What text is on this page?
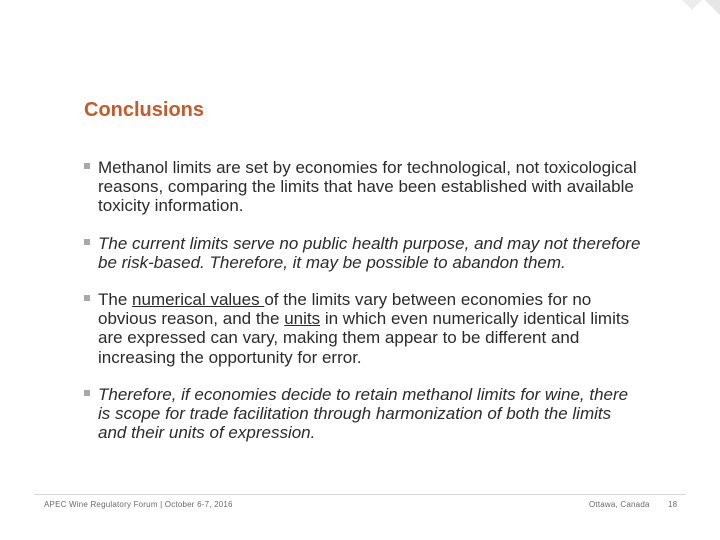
Conclusions
Methanol limits are set by economies for technological, not toxicological reasons, comparing the limits that have been established with available toxicity information.
The current limits serve no public health purpose, and may not therefore be risk-based. Therefore, it may be possible to abandon them.
The numerical values of the limits vary between economies for no obvious reason, and the units in which even numerically identical limits are expressed can vary, making them appear to be different and increasing the opportunity for error.
Therefore, if economies decide to retain methanol limits for wine, there is scope for trade facilitation through harmonization of both the limits and their units of expression.
APEC Wine Regulatory Forum | October 6-7, 2016	Ottawa, Canada 18
